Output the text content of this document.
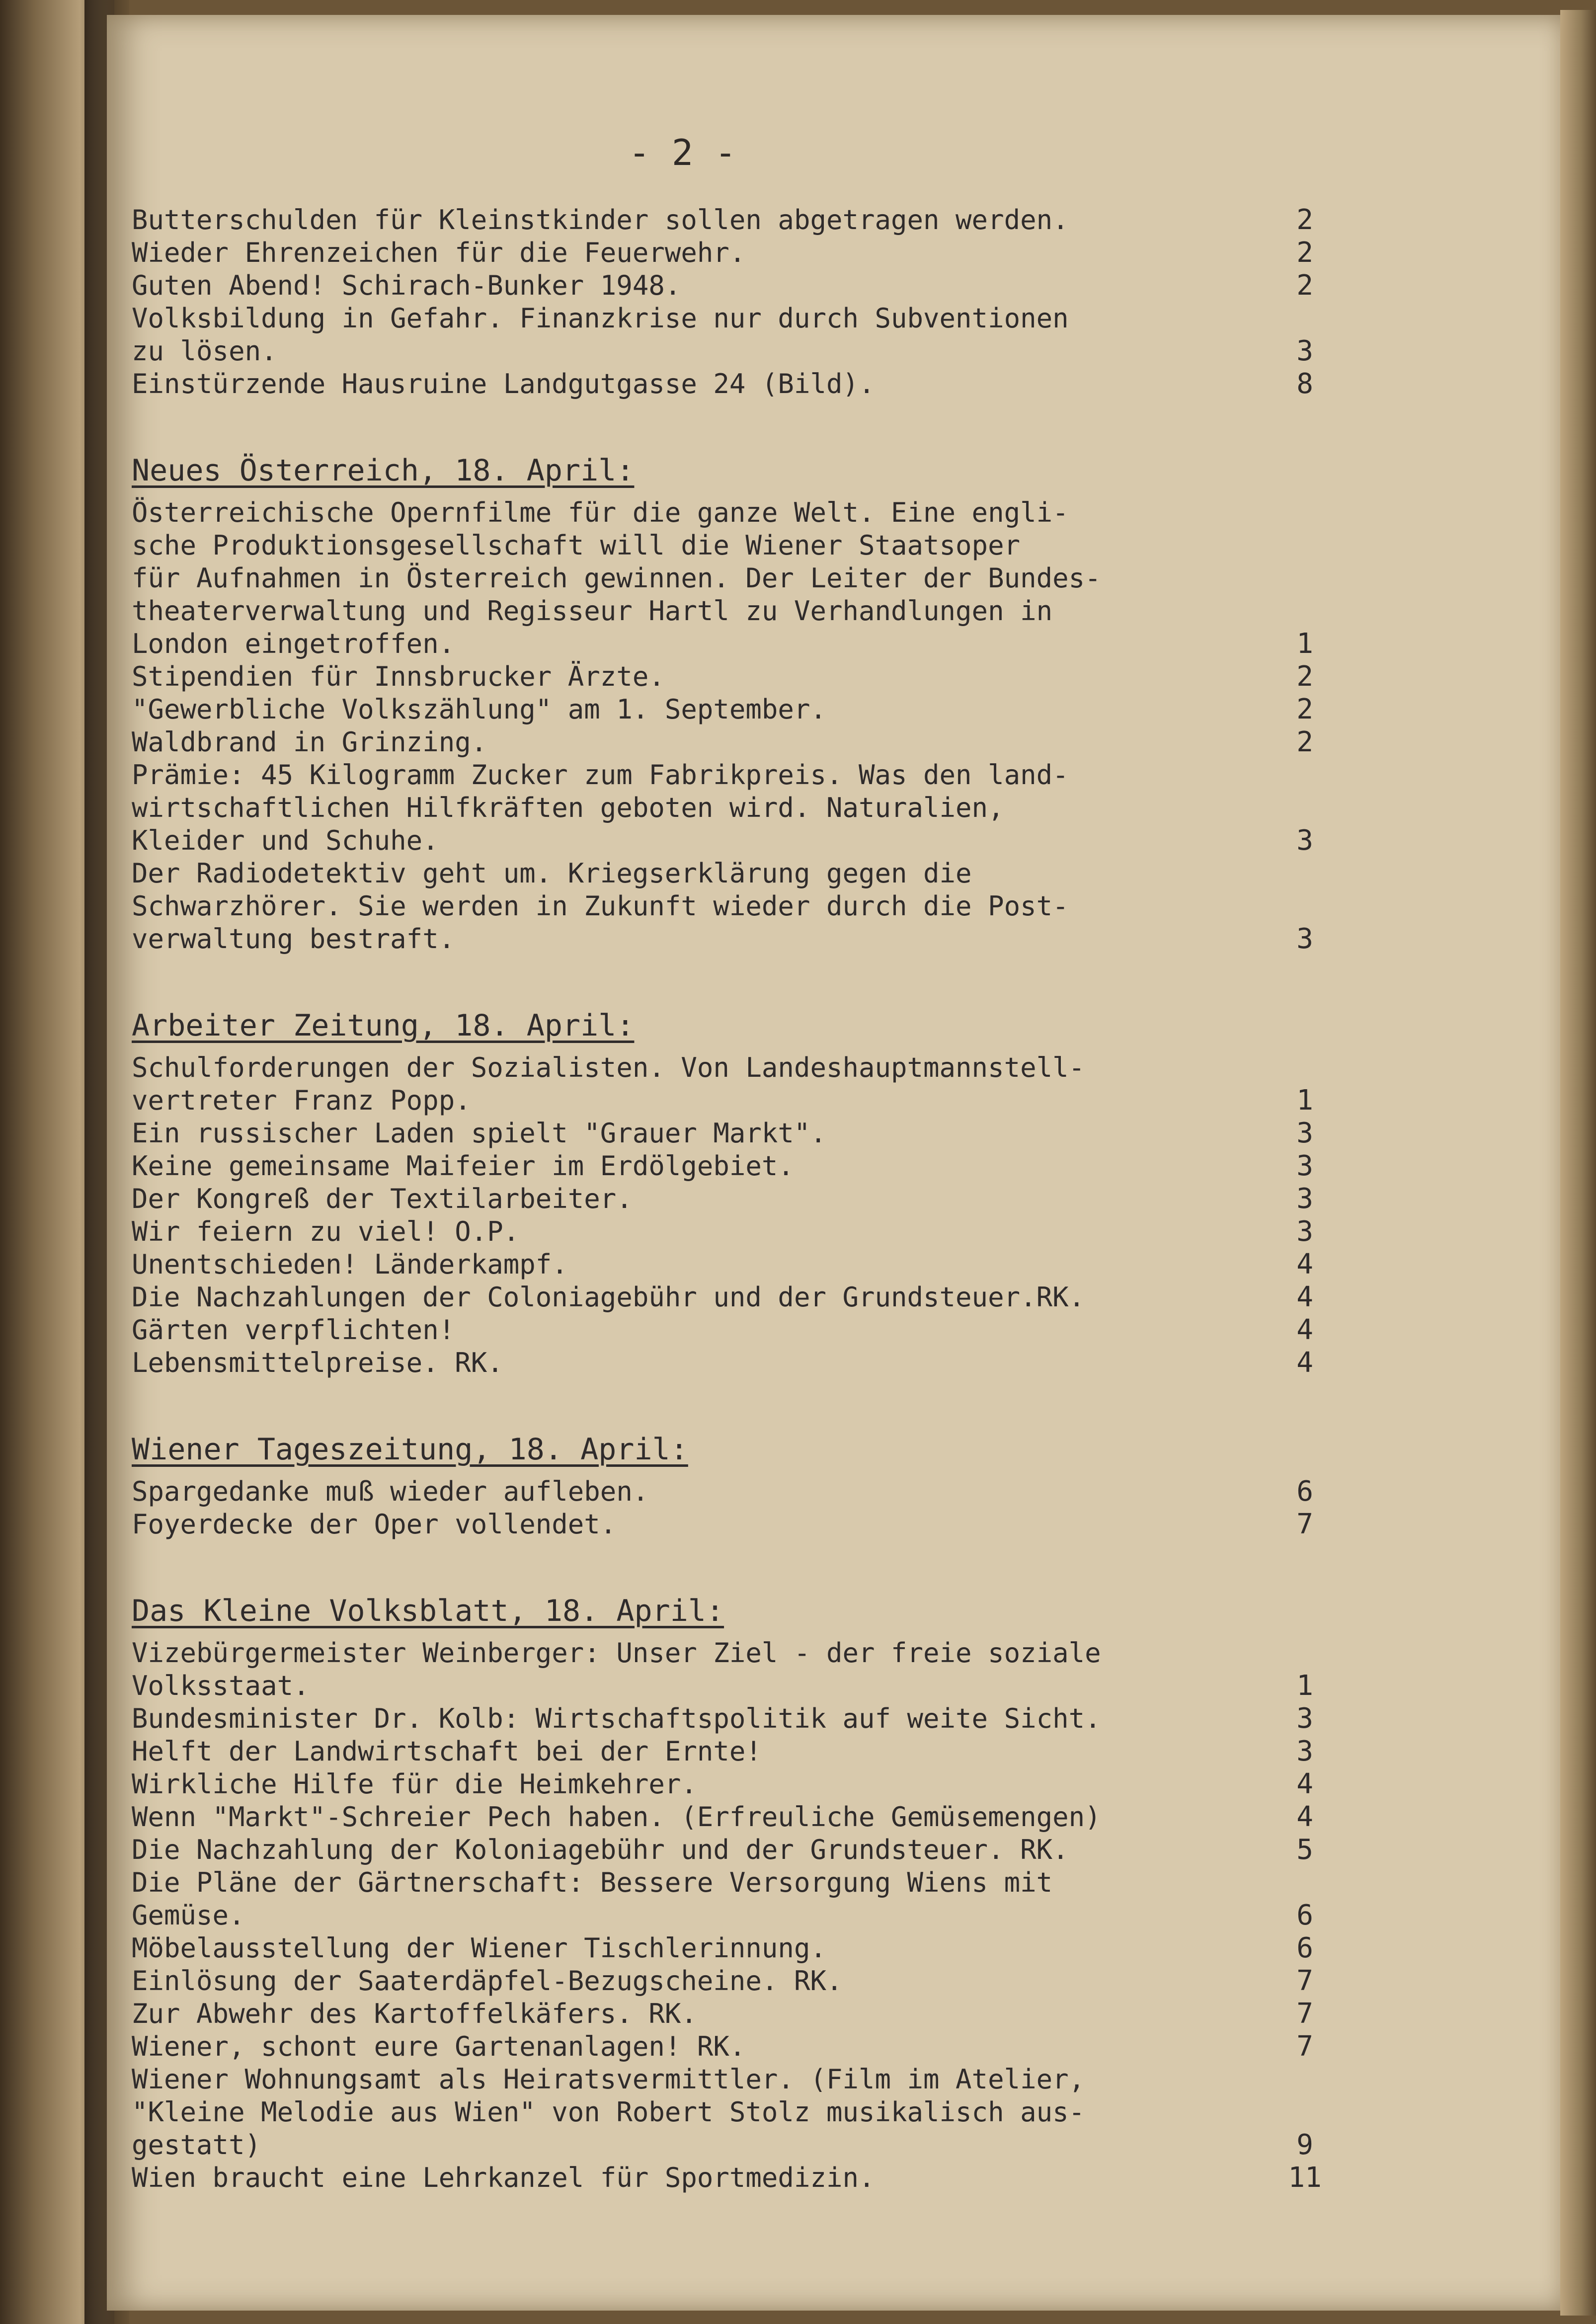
- 2 -
Butterschulden für Kleinstkinder sollen abgetragen werden.	2
Wieder Ehrenzeichen für die Feuerwehr.	2
Guten Abend! Schirach-Bunker 1948.	2
Volksbildung in Gefahr. Finanzkrise nur durch Subventionen
zu lösen.	3
Einstürzende Hausruine Landgutgasse 24 (Bild).	8
Neues Österreich, 18. April:
Österreichische Opernfilme für die ganze Welt. Eine engli-
sche Produktionsgesellschaft will die Wiener Staatsoper
für Aufnahmen in Österreich gewinnen. Der Leiter der Bundes-
theaterverwaltung und Regisseur Hartl zu Verhandlungen in
London eingetroffen.	1
Stipendien für Innsbrucker Ärzte.	2
"Gewerbliche Volkszählung" am 1. September.	2
Waldbrand in Grinzing.	2
Prämie: 45 Kilogramm Zucker zum Fabrikpreis. Was den land-
wirtschaftlichen Hilfkräften geboten wird. Naturalien,
Kleider und Schuhe.	3
Der Radiodetektiv geht um. Kriegserklärung gegen die
Schwarzhörer. Sie werden in Zukunft wieder durch die Post-
verwaltung bestraft.	3
Arbeiter Zeitung, 18. April:
Schulforderungen der Sozialisten. Von Landeshauptmannstell-
vertreter Franz Popp.	1
Ein russischer Laden spielt "Grauer Markt".	3
Keine gemeinsame Maifeier im Erdölgebiet.	3
Der Kongreß der Textilarbeiter.	3
Wir feiern zu viel! O.P.	3
Unentschieden! Länderkampf.	4
Die Nachzahlungen der Coloniagebühr und der Grundsteuer.RK.	4
Gärten verpflichten!	4
Lebensmittelpreise. RK.	4
Wiener Tageszeitung, 18. April:
Spargedanke muß wieder aufleben.	6
Foyerdecke der Oper vollendet.	7
Das Kleine Volksblatt, 18. April:
Vizebürgermeister Weinberger: Unser Ziel - der freie soziale
Volksstaat.	1
Bundesminister Dr. Kolb: Wirtschaftspolitik auf weite Sicht.	3
Helft der Landwirtschaft bei der Ernte!	3
Wirkliche Hilfe für die Heimkehrer.	4
Wenn "Markt"-Schreier Pech haben. (Erfreuliche Gemüsemengen)	4
Die Nachzahlung der Koloniagebühr und der Grundsteuer. RK.	5
Die Pläne der Gärtnerschaft: Bessere Versorgung Wiens mit
Gemüse.	6
Möbelausstellung der Wiener Tischlerinnung.	6
Einlösung der Saaterdäpfel-Bezugscheine. RK.	7
Zur Abwehr des Kartoffelkäfers. RK.	7
Wiener, schont eure Gartenanlagen! RK.	7
Wiener Wohnungsamt als Heiratsvermittler. (Film im Atelier,
"Kleine Melodie aus Wien" von Robert Stolz musikalisch aus-
gestatt)	9
Wien braucht eine Lehrkanzel für Sportmedizin.	11
